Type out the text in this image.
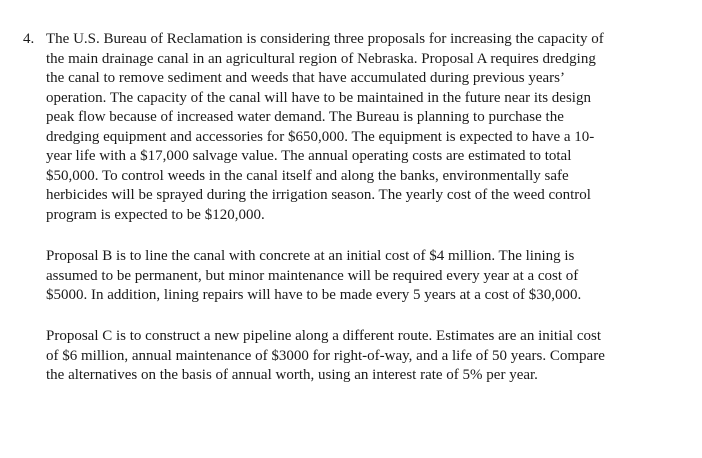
4. The U.S. Bureau of Reclamation is considering three proposals for increasing the capacity of
the main drainage canal in an agricultural region of Nebraska. Proposal A requires dredging
the canal to remove sediment and weeds that have accumulated during previous years’
operation. The capacity of the canal will have to be maintained in the future near its design
peak flow because of increased water demand. The Bureau is planning to purchase the
dredging equipment and accessories for $650,000. The equipment is expected to have a 10-
year life with a $17,000 salvage value. The annual operating costs are estimated to total
$50,000. To control weeds in the canal itself and along the banks, environmentally safe
herbicides will be sprayed during the irrigation season. The yearly cost of the weed control
program is expected to be $120,000.

Proposal B is to line the canal with concrete at an initial cost of $4 million. The lining is
assumed to be permanent, but minor maintenance will be required every year at a cost of
$5000. In addition, lining repairs will have to be made every 5 years at a cost of $30,000.

Proposal C is to construct a new pipeline along a different route. Estimates are an initial cost
of $6 million, annual maintenance of $3000 for right-of-way, and a life of 50 years. Compare
the alternatives on the basis of annual worth, using an interest rate of 5% per year.
